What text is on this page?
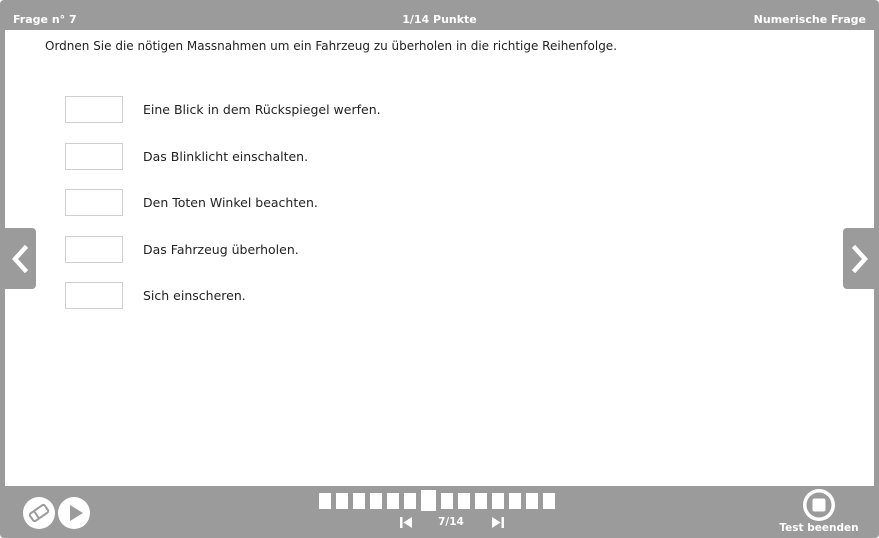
Frage n° 7	1/14 Punkte	Numerische Frage
Ordnen Sie die nötigen Massnahmen um ein Fahrzeug zu überholen in die richtige Reihenfolge.
Eine Blick in dem Rückspiegel werfen.
Das Blinklicht einschalten.
Den Toten Winkel beachten.
Das Fahrzeug überholen.
Sich einscheren.
7/14	Test beenden
